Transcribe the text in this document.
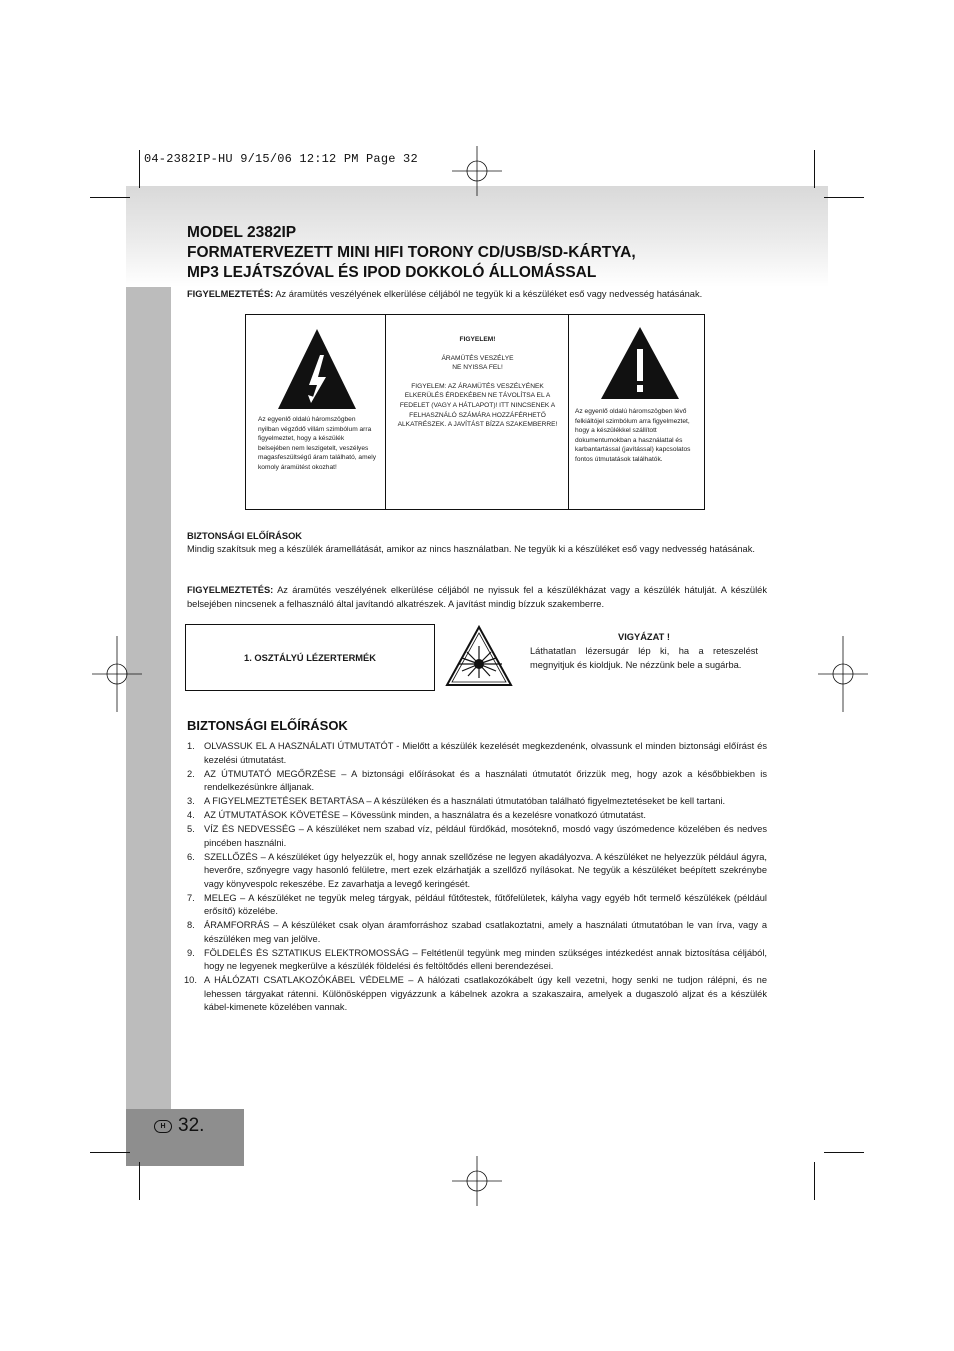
04-2382IP-HU 9/15/06 12:12 PM Page 32
H 32.
MODEL 2382IP
FORMATERVEZETT MINI HIFI TORONY CD/USB/SD-KÁRTYA,
MP3 LEJÁTSZÓVAL ÉS IPOD DOKKOLÓ ÁLLOMÁSSAL
FIGYELMEZTETÉS: Az áramütés veszélyének elkerülése céljából ne tegyük ki a készüléket eső vagy nedvesség hatásának.
Az egyenlő oldalú háromszögben nyilban végződő villám szimbólum arra figyelmeztet, hogy a készülék belsejében nem leszigetelt, veszélyes magasfeszültségű áram található, amely komoly áramütést okozhat!
FIGYELEM!
ÁRAMÜTÉS VESZÉLYE
NE NYISSA FEL!
FIGYELEM: AZ ÁRAMÜTÉS VESZÉLYÉNEK ELKERÜLÉS ÉRDEKÉBEN NE TÁVOLÍTSA EL A FEDELET (VAGY A HÁTLAPOT)! ITT NINCSENEK A FELHASZNÁLÓ SZÁMÁRA HOZZÁFÉRHETŐ ALKATRÉSZEK. A JAVÍTÁST BÍZZA SZAKEMBERRE!
Az egyenlő oldalú háromszögben lévő felkiáltójel szimbólum arra figyelmeztet, hogy a készülékkel szállított dokumentumokban a használattal és karbantartással (javítással) kapcsolatos fontos útmutatások találhatók.
BIZTONSÁGI ELŐÍRÁSOK
Mindig szakítsuk meg a készülék áramellátását, amikor az nincs használatban. Ne tegyük ki a készüléket eső vagy nedvesség hatásának.
FIGYELMEZTETÉS: Az áramütés veszélyének elkerülése céljából ne nyissuk fel a készülékházat vagy a készülék hátulját. A készülék belsejében nincsenek a felhasználó által javítandó alkatrészek. A javítást mindig bízzuk szakemberre.
1. OSZTÁLYÚ LÉZERTERMÉK
VIGYÁZAT !
Láthatatlan lézersugár lép ki, ha a reteszelést megnyitjuk és kioldjuk. Ne nézzünk bele a sugárba.
BIZTONSÁGI ELŐÍRÁSOK
1. OLVASSUK EL A HASZNÁLATI ÚTMUTATÓT - Mielőtt a készülék kezelését megkezdenénk, olvassunk el minden biztonsági előírást és kezelési útmutatást.
2. AZ ÚTMUTATÓ MEGŐRZÉSE – A biztonsági előírásokat és a használati útmutatót őrizzük meg, hogy azok a későbbiekben is rendelkezésünkre álljanak.
3. A FIGYELMEZTETÉSEK BETARTÁSA – A készüléken és a használati útmutatóban található figyelmeztetéseket be kell tartani.
4. AZ ÚTMUTATÁSOK KÖVETÉSE – Kövessünk minden, a használatra és a kezelésre vonatkozó útmutatást.
5. VÍZ ÉS NEDVESSÉG – A készüléket nem szabad víz, például fürdőkád, mosóteknő, mosdó vagy úszómedence közelében és nedves pincében használni.
6. SZELLŐZÉS – A készüléket úgy helyezzük el, hogy annak szellőzése ne legyen akadályozva. A készüléket ne helyezzük például ágyra, heverőre, szőnyegre vagy hasonló felületre, mert ezek elzárhatják a szellőző nyílásokat. Ne tegyük a készüléket beépített szekrénybe vagy könyvespolc rekeszébe. Ez zavarhatja a levegő keringését.
7. MELEG – A készüléket ne tegyük meleg tárgyak, például fűtőtestek, fűtőfelületek, kályha vagy egyéb hőt termelő készülékek (például erősítő) közelébe.
8. ÁRAMFORRÁS – A készüléket csak olyan áramforráshoz szabad csatlakoztatni, amely a használati útmutatóban le van írva, vagy a készüléken meg van jelölve.
9. FÖLDELÉS ÉS SZTATIKUS ELEKTROMOSSÁG – Feltétlenül tegyünk meg minden szükséges intézkedést annak biztosítása céljából, hogy ne legyenek megkerülve a készülék földelési és feltöltődés elleni berendezései.
10. A HÁLÓZATI CSATLAKOZÓKÁBEL VÉDELME – A hálózati csatlakozókábelt úgy kell vezetni, hogy senki ne tudjon rálépni, és ne lehessen tárgyakat rátenni. Különösképpen vigyázzunk a kábelnek azokra a szakaszaira, amelyek a dugaszoló aljzat és a készülék kábel-kimenete közelében vannak.
